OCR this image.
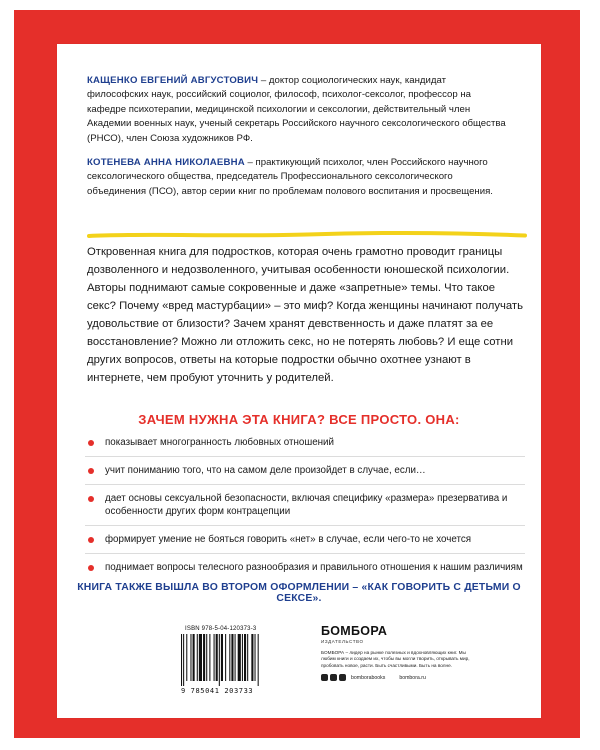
КАЩЕНКО ЕВГЕНИЙ АВГУСТОВИЧ – доктор социологических наук, кандидат философских наук, российский социолог, философ, психолог-сексолог, профессор на кафедре психотерапии, медицинской психологии и сексологии, действительный член Академии военных наук, ученый секретарь Российского научного сексологического общества (РНСО), член Союза художников РФ.

КОТЕНЕВА АННА НИКОЛАЕВНА – практикующий психолог, член Российского научного сексологического общества, председатель Профессионального сексологического объединения (ПСО), автор серии книг по проблемам полового воспитания и просвещения.

Откровенная книга для подростков, которая очень грамотно проводит границы дозволенного и недозволенного, учитывая особенности юношеской психологии. Авторы поднимают самые сокровенные и даже «запретные» темы. Что такое секс? Почему «вред мастурбации» – это миф? Когда женщины начинают получать удовольствие от близости? Зачем хранят девственность и даже платят за ее восстановление? Можно ли отложить секс, но не потерять любовь? И еще сотни других вопросов, ответы на которые подростки обычно охотнее узнают в интернете, чем пробуют уточнить у родителей.

ЗАЧЕМ НУЖНА ЭТА КНИГА? ВСЕ ПРОСТО. ОНА:
показывает многогранность любовных отношений
учит пониманию того, что на самом деле произойдет в случае, если…
дает основы сексуальной безопасности, включая специфику «размера» презерватива и особенности других форм контрацепции
формирует умение не бояться говорить «нет» в случае, если чего-то не хочется
поднимает вопросы телесного разнообразия и правильного отношения к нашим различиям
КНИГА ТАКЖЕ ВЫШЛА ВО ВТОРОМ ОФОРМЛЕНИИ – «КАК ГОВОРИТЬ С ДЕТЬМИ О СЕКСЕ».
ISBN 978-5-04-120373-3
9 785041 203733
БОМБОРА
ИЗДАТЕЛЬСТВО
БОМБОРА – лидер на рынке полезных и вдохновляющих книг. Мы любим книги и создаем их, чтобы вы могли творить, открывать мир, пробовать новое, расти. Быть счастливыми. Быть на волне.
bomborabooks	bombora.ru
